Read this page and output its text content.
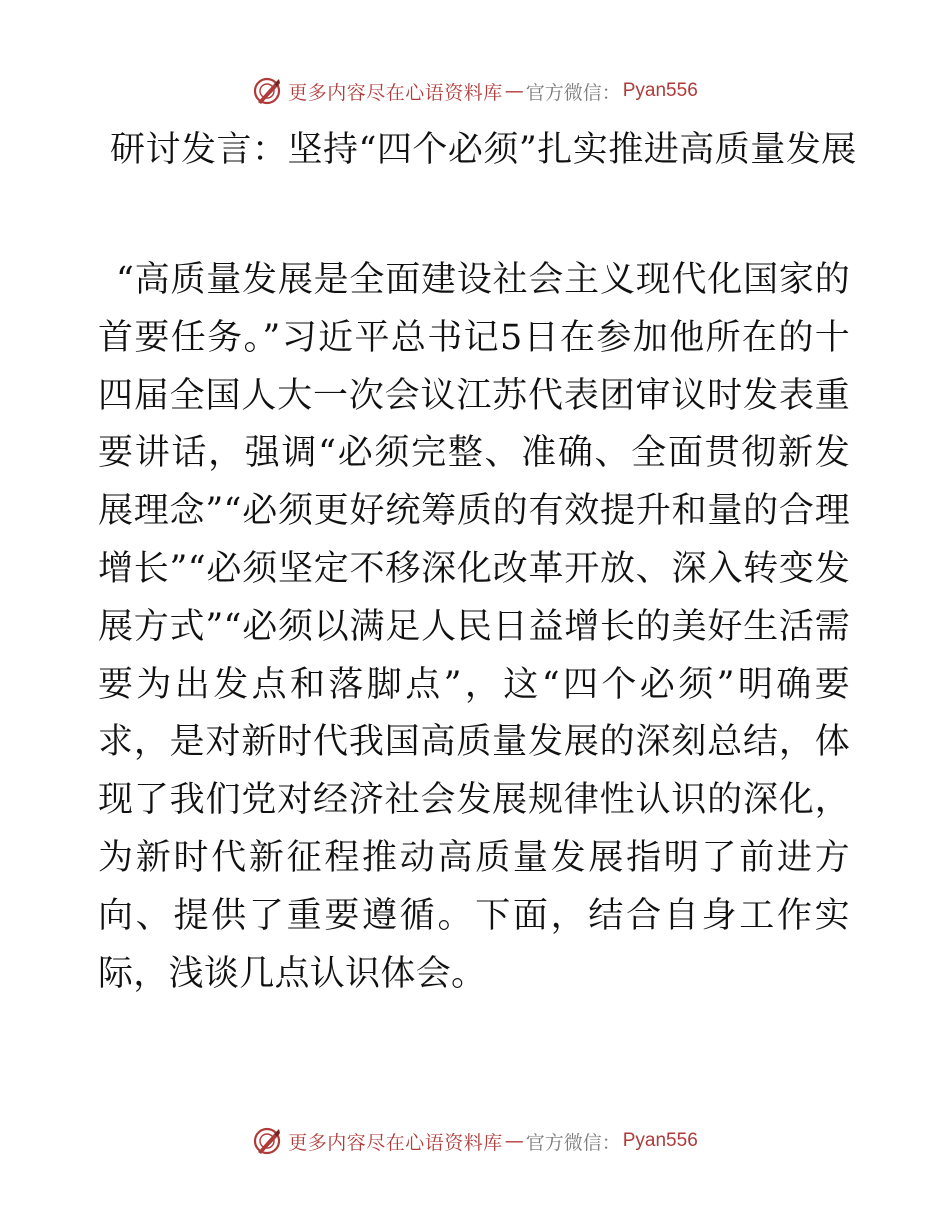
更多内容尽在心语资料库 — 官方微信： Pyan556
研讨发言：坚持“四个必须”扎实推进高质量发展

“高质量发展是全面建设社会主义现代化国家的首要任务。”习近平总书记5日在参加他所在的十四届全国人大一次会议江苏代表团审议时发表重要讲话，强调“必须完整、准确、全面贯彻新发展理念”“必须更好统筹质的有效提升和量的合理增长”“必须坚定不移深化改革开放、深入转变发展方式”“必须以满足人民日益增长的美好生活需要为出发点和落脚点”，这“四个必须”明确要求，是对新时代我国高质量发展的深刻总结，体现了我们党对经济社会发展规律性认识的深化，为新时代新征程推动高质量发展指明了前进方向、提供了重要遵循。下面，结合自身工作实际，浅谈几点认识体会。

更多内容尽在心语资料库 — 官方微信： Pyan556
